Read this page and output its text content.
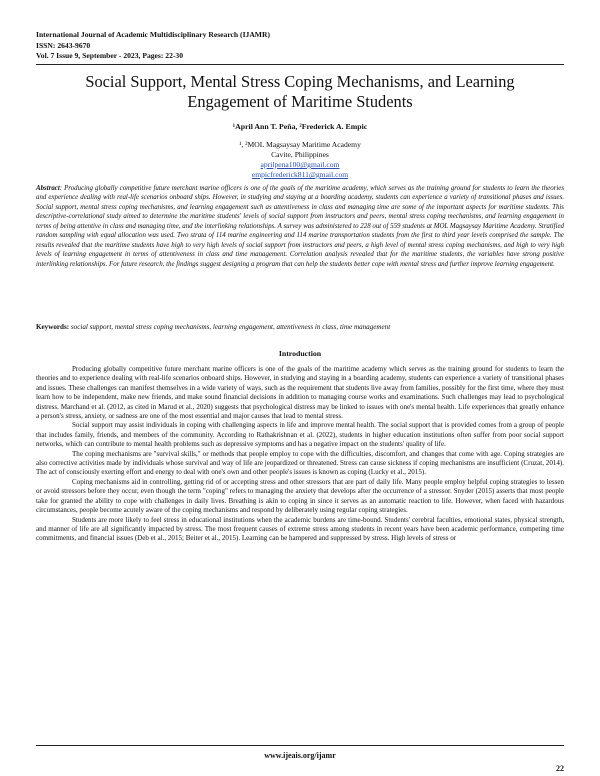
International Journal of Academic Multidisciplinary Research (IJAMR)
ISSN: 2643-9670
Vol. 7 Issue 9, September - 2023, Pages: 22-30
Social Support, Mental Stress Coping Mechanisms, and Learning
Engagement of Maritime Students
¹April Ann T. Peña, ²Frederick A. Empic
¹, ²MOL Magsaysay Maritime Academy
Cavite, Philippines
aprilpena100@gmail.com
empicfrederick811@gmail.com
Abstract: Producing globally competitive future merchant marine officers is one of the goals of the maritime academy, which serves as the training ground for students to learn the theories and experience dealing with real-life scenarios onboard ships. However, in studying and staying at a boarding academy, students can experience a variety of transitional phases and issues. Social support, mental stress coping mechanisms, and learning engagement such as attentiveness in class and managing time are some of the important aspects for maritime students. This descriptive-correlational study aimed to determine the maritime students' levels of social support from instructors and peers, mental stress coping mechanisms, and learning engagement in terms of being attentive in class and managing time, and the interlinking relationships. A survey was administered to 228 out of 559 students at MOL Magsaysay Maritime Academy. Stratified random sampling with equal allocation was used. Two strata of 114 marine engineering and 114 marine transportation students from the first to third year levels comprised the sample. The results revealed that the maritime students have high to very high levels of social support from instructors and peers, a high level of mental stress coping mechanisms, and high to very high levels of learning engagement in terms of attentiveness in class and time management. Correlation analysis revealed that for the maritime students, the variables have strong positive interlinking relationships. For future research, the findings suggest designing a program that can help the students better cope with mental stress and further improve learning engagement.
Keywords: social support, mental stress coping mechanisms, learning engagement, attentiveness in class, time management
Introduction

Producing globally competitive future merchant marine officers is one of the goals of the maritime academy which serves as the training ground for students to learn the theories and to experience dealing with real-life scenarios onboard ships. However, in studying and staying in a boarding academy, students can experience a variety of transitional phases and issues. These challenges can manifest themselves in a wide variety of ways, such as the requirement that students live away from families, possibly for the first time, where they must learn how to be independent, make new friends, and make sound financial decisions in addition to managing course works and examinations. Such challenges may lead to psychological distress. Marchand et al. (2012, as cited in Marud et al., 2020) suggests that psychological distress may be linked to issues with one's mental health. Life experiences that greatly enhance a person's stress, anxiety, or sadness are one of the most essential and major causes that lead to mental stress.

Social support may assist individuals in coping with challenging aspects in life and improve mental health. The social support that is provided comes from a group of people that includes family, friends, and members of the community. According to Rathakrishnan et al. (2022), students in higher education institutions often suffer from poor social support networks, which can contribute to mental health problems such as depressive symptoms and has a negative impact on the students' quality of life.

The coping mechanisms are "survival skills," or methods that people employ to cope with the difficulties, discomfort, and changes that come with age. Coping strategies are also corrective activities made by individuals whose survival and way of life are jeopardized or threatened. Stress can cause sickness if coping mechanisms are insufficient (Cruzat, 2014). The act of consciously exerting effort and energy to deal with one's own and other people's issues is known as coping (Lucky et al., 2015).

Coping mechanisms aid in controlling, getting rid of or accepting stress and other stressors that are part of daily life. Many people employ helpful coping strategies to lessen or avoid stressors before they occur, even though the term "coping" refers to managing the anxiety that develops after the occurrence of a stressor. Snyder (2015) asserts that most people take for granted the ability to cope with challenges in daily lives. Breathing is akin to coping in since it serves as an automatic reaction to life. However, when faced with hazardous circumstances, people become acutely aware of the coping mechanisms and respond by deliberately using regular coping strategies.

Students are more likely to feel stress in educational institutions when the academic burdens are time-bound. Students' cerebral faculties, emotional states, physical strength, and manner of life are all significantly impacted by stress. The most frequent causes of extreme stress among students in recent years have been academic performance, competing time commitments, and financial issues (Deb et al., 2015; Beiter et al., 2015). Learning can be hampered and suppressed by stress. High levels of stress or

www.ijeais.org/ijamr
22
